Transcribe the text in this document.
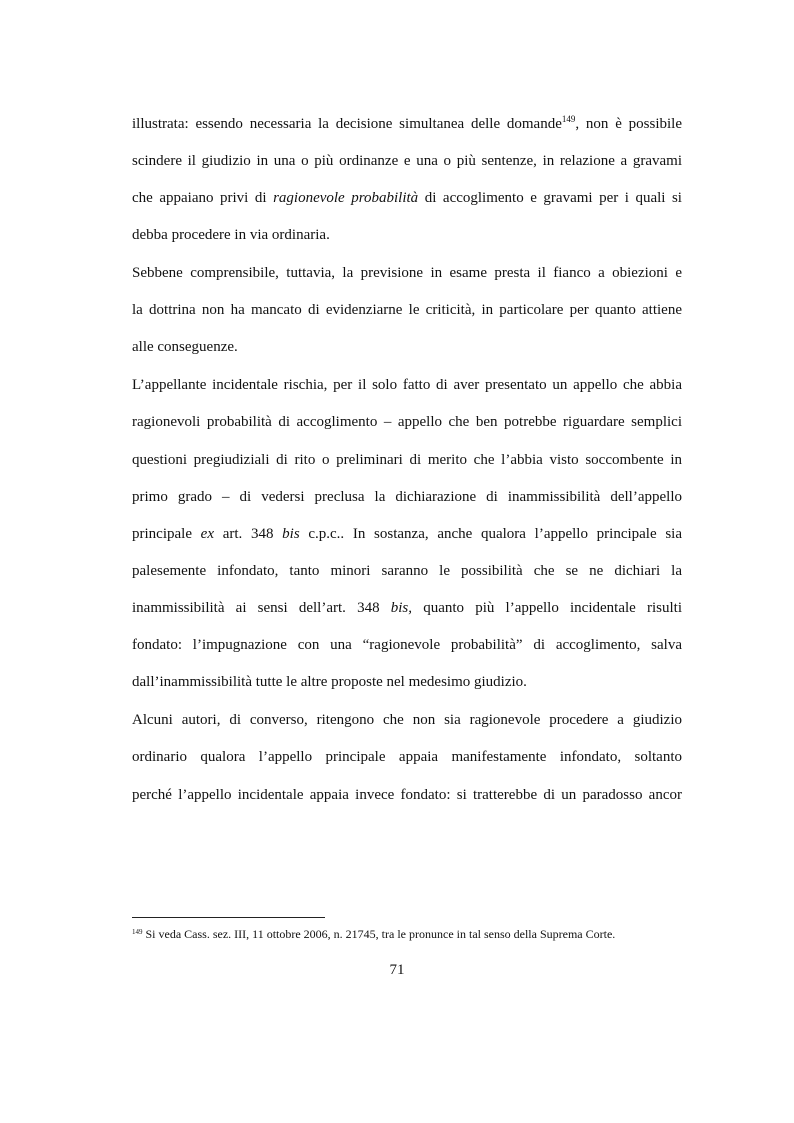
illustrata: essendo necessaria la decisione simultanea delle domande$^{149}$, non è possibile
scindere il giudizio in una o più ordinanze e una o più sentenze, in relazione a gravami
che appaiano privi di ragionevole probabilità di accoglimento e gravami per i quali si
debba procedere in via ordinaria.
Sebbene comprensibile, tuttavia, la previsione in esame presta il fianco a obiezioni e
la dottrina non ha mancato di evidenziarne le criticità, in particolare per quanto attiene
alle conseguenze.
L’appellante incidentale rischia, per il solo fatto di aver presentato un appello che abbia
ragionevoli probabilità di accoglimento – appello che ben potrebbe riguardare semplici
questioni pregiudiziali di rito o preliminari di merito che l’abbia visto soccombente in
primo grado – di vedersi preclusa la dichiarazione di inammissibilità dell’appello
principale ex art. 348 bis c.p.c.. In sostanza, anche qualora l’appello principale sia
palesemente infondato, tanto minori saranno le possibilità che se ne dichiari la
inammissibilità ai sensi dell’art. 348 bis, quanto più l’appello incidentale risulti
fondato: l’impugnazione con una “ragionevole probabilità” di accoglimento, salva
dall’inammissibilità tutte le altre proposte nel medesimo giudizio.
Alcuni autori, di converso, ritengono che non sia ragionevole procedere a giudizio
ordinario qualora l’appello principale appaia manifestamente infondato, soltanto
perché l’appello incidentale appaia invece fondato: si tratterebbe di un paradosso ancor
$^{149}$ Si veda Cass. sez. III, 11 ottobre 2006, n. 21745, tra le pronunce in tal senso della Suprema Corte.
71
